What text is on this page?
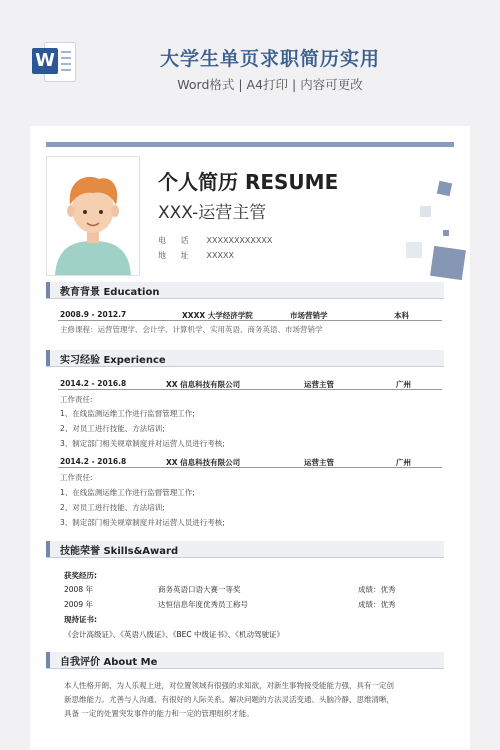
W	大学生单页求职简历实用
Word格式 | A4打印 | 内容可更改
个人简历 RESUME
XXX-运营主管
电 话 XXXXXXXXXXXX
地 址 XXXXX
教育背景 Education
2008.9 - 2012.7	XXXX 大学经济学院	市场营销学	本科
主修课程：运营管理学、会计学、计算机学、实用英语、商务英语、市场营销学
实习经验 Experience
2014.2 - 2016.8	XX 信息科技有限公司	运营主管	广州
工作责任:
1、在线监测运维工作进行监督管理工作;
2、对员工进行技能、方法培训;
3、制定部门相关规章制度并对运营人员进行考核;
2014.2 - 2016.8	XX 信息科技有限公司	运营主管	广州
工作责任:
1、在线监测运维工作进行监督管理工作;
2、对员工进行技能、方法培训;
3、制定部门相关规章制度并对运营人员进行考核;
技能荣誉 Skills&Award
获奖经历:
2008 年	商务英语口语大赛一等奖	成绩：优秀
2009 年	达恒信息年度优秀员工称号	成绩：优秀
现持证书:
《会计高级证》、《英语八级证》、《BEC 中级证书》、《机动驾驶证》
自我评价 About Me
本人性格开朗、为人乐观上进，对位置领域有很强的求知欲，对新生事物接受能能力强，具有一定创
新思维能力。尤善与人沟通、有很好的人际关系。解决问题的方法灵活变通、头脑冷静、思维清晰，
具备 一定的处置突发事件的能力和一定的管理组织才能。
